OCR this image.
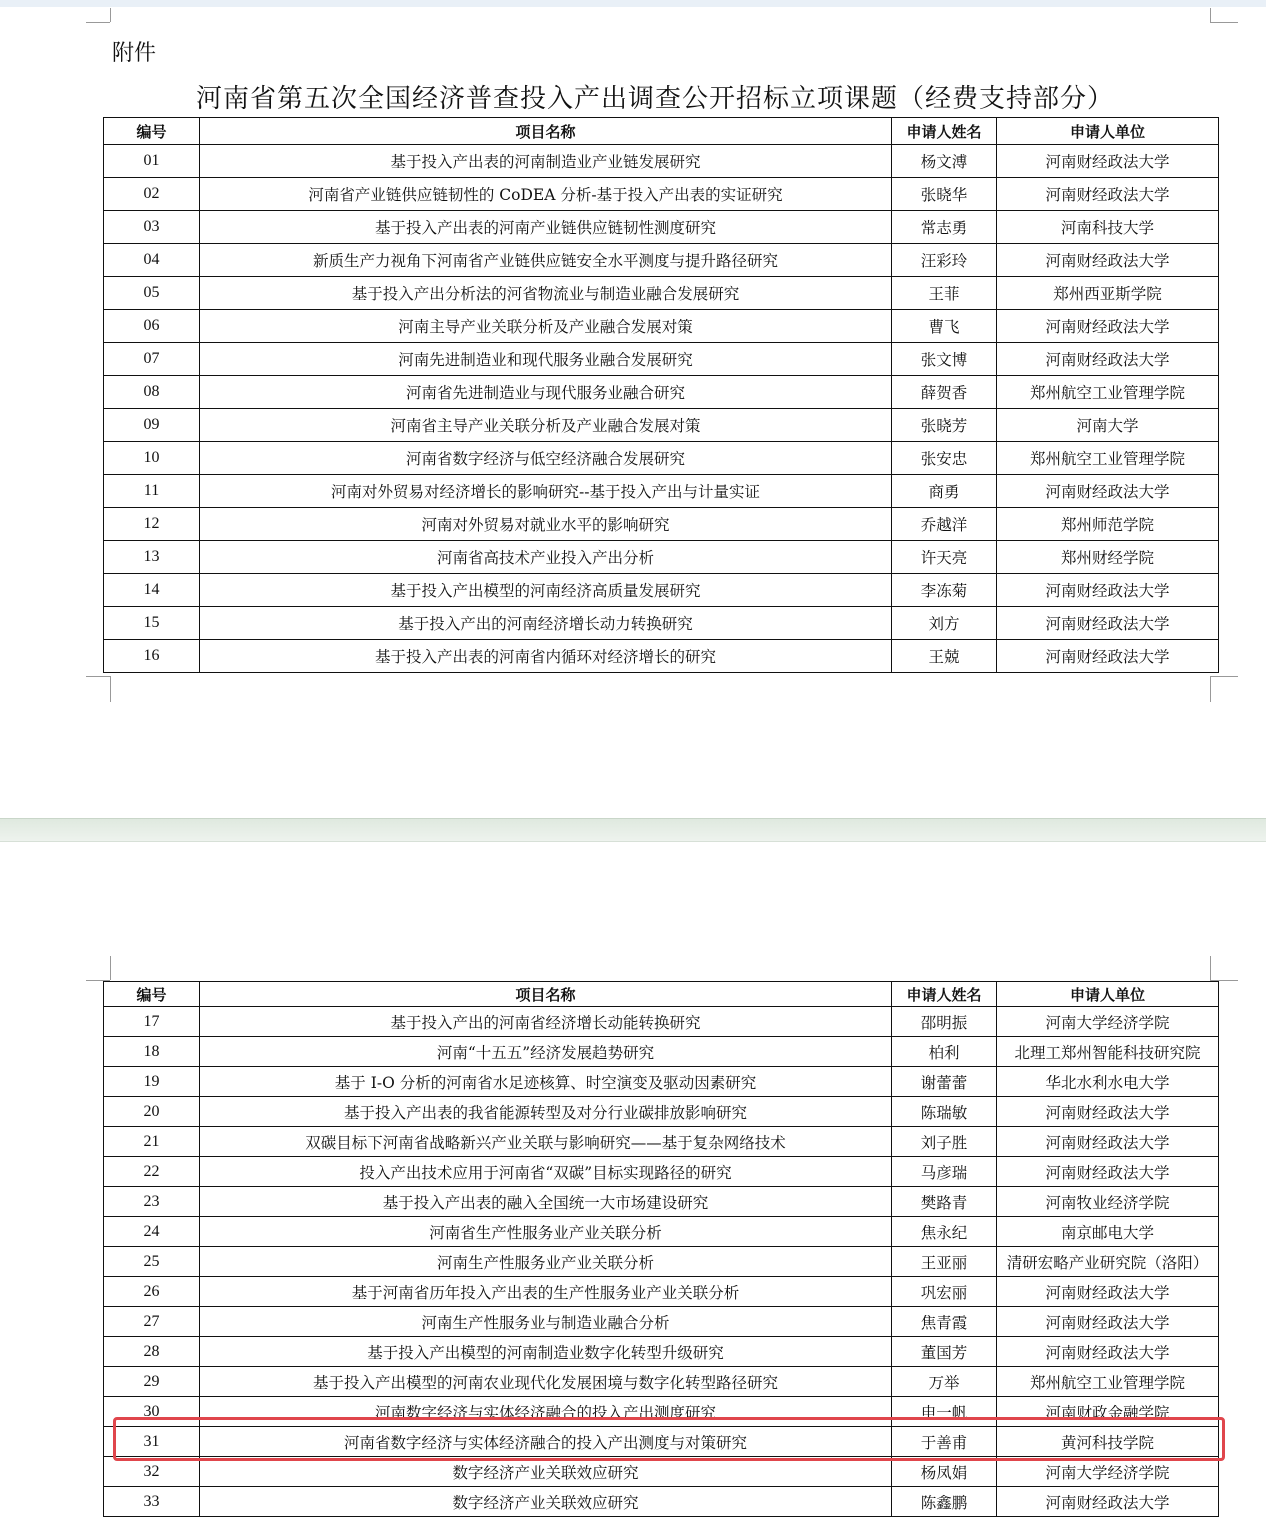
附件
河南省第五次全国经济普查投入产出调查公开招标立项课题（经费支持部分）
编号	项目名称	申请人姓名	申请人单位
01	基于投入产出表的河南制造业产业链发展研究	杨文溥	河南财经政法大学
02	河南省产业链供应链韧性的 CoDEA 分析-基于投入产出表的实证研究	张晓华	河南财经政法大学
03	基于投入产出表的河南产业链供应链韧性测度研究	常志勇	河南科技大学
04	新质生产力视角下河南省产业链供应链安全水平测度与提升路径研究	汪彩玲	河南财经政法大学
05	基于投入产出分析法的河省物流业与制造业融合发展研究	王菲	郑州西亚斯学院
06	河南主导产业关联分析及产业融合发展对策	曹飞	河南财经政法大学
07	河南先进制造业和现代服务业融合发展研究	张文博	河南财经政法大学
08	河南省先进制造业与现代服务业融合研究	薛贺香	郑州航空工业管理学院
09	河南省主导产业关联分析及产业融合发展对策	张晓芳	河南大学
10	河南省数字经济与低空经济融合发展研究	张安忠	郑州航空工业管理学院
11	河南对外贸易对经济增长的影响研究--基于投入产出与计量实证	商勇	河南财经政法大学
12	河南对外贸易对就业水平的影响研究	乔越洋	郑州师范学院
13	河南省高技术产业投入产出分析	许天亮	郑州财经学院
14	基于投入产出模型的河南经济高质量发展研究	李冻菊	河南财经政法大学
15	基于投入产出的河南经济增长动力转换研究	刘方	河南财经政法大学
16	基于投入产出表的河南省内循环对经济增长的研究	王兢	河南财经政法大学
编号	项目名称	申请人姓名	申请人单位
17	基于投入产出的河南省经济增长动能转换研究	邵明振	河南大学经济学院
18	河南“十五五”经济发展趋势研究	柏利	北理工郑州智能科技研究院
19	基于 I-O 分析的河南省水足迹核算、时空演变及驱动因素研究	谢蕾蕾	华北水利水电大学
20	基于投入产出表的我省能源转型及对分行业碳排放影响研究	陈瑞敏	河南财经政法大学
21	双碳目标下河南省战略新兴产业关联与影响研究——基于复杂网络技术	刘子胜	河南财经政法大学
22	投入产出技术应用于河南省“双碳”目标实现路径的研究	马彦瑞	河南财经政法大学
23	基于投入产出表的融入全国统一大市场建设研究	樊路青	河南牧业经济学院
24	河南省生产性服务业产业关联分析	焦永纪	南京邮电大学
25	河南生产性服务业产业关联分析	王亚丽	清研宏略产业研究院（洛阳）
26	基于河南省历年投入产出表的生产性服务业产业关联分析	巩宏丽	河南财经政法大学
27	河南生产性服务业与制造业融合分析	焦青霞	河南财经政法大学
28	基于投入产出模型的河南制造业数字化转型升级研究	董国芳	河南财经政法大学
29	基于投入产出模型的河南农业现代化发展困境与数字化转型路径研究	万举	郑州航空工业管理学院
30	河南数字经济与实体经济融合的投入产出测度研究	申一帆	河南财政金融学院
31	河南省数字经济与实体经济融合的投入产出测度与对策研究	于善甫	黄河科技学院
32	数字经济产业关联效应研究	杨凤娟	河南大学经济学院
33	数字经济产业关联效应研究	陈鑫鹏	河南财经政法大学
